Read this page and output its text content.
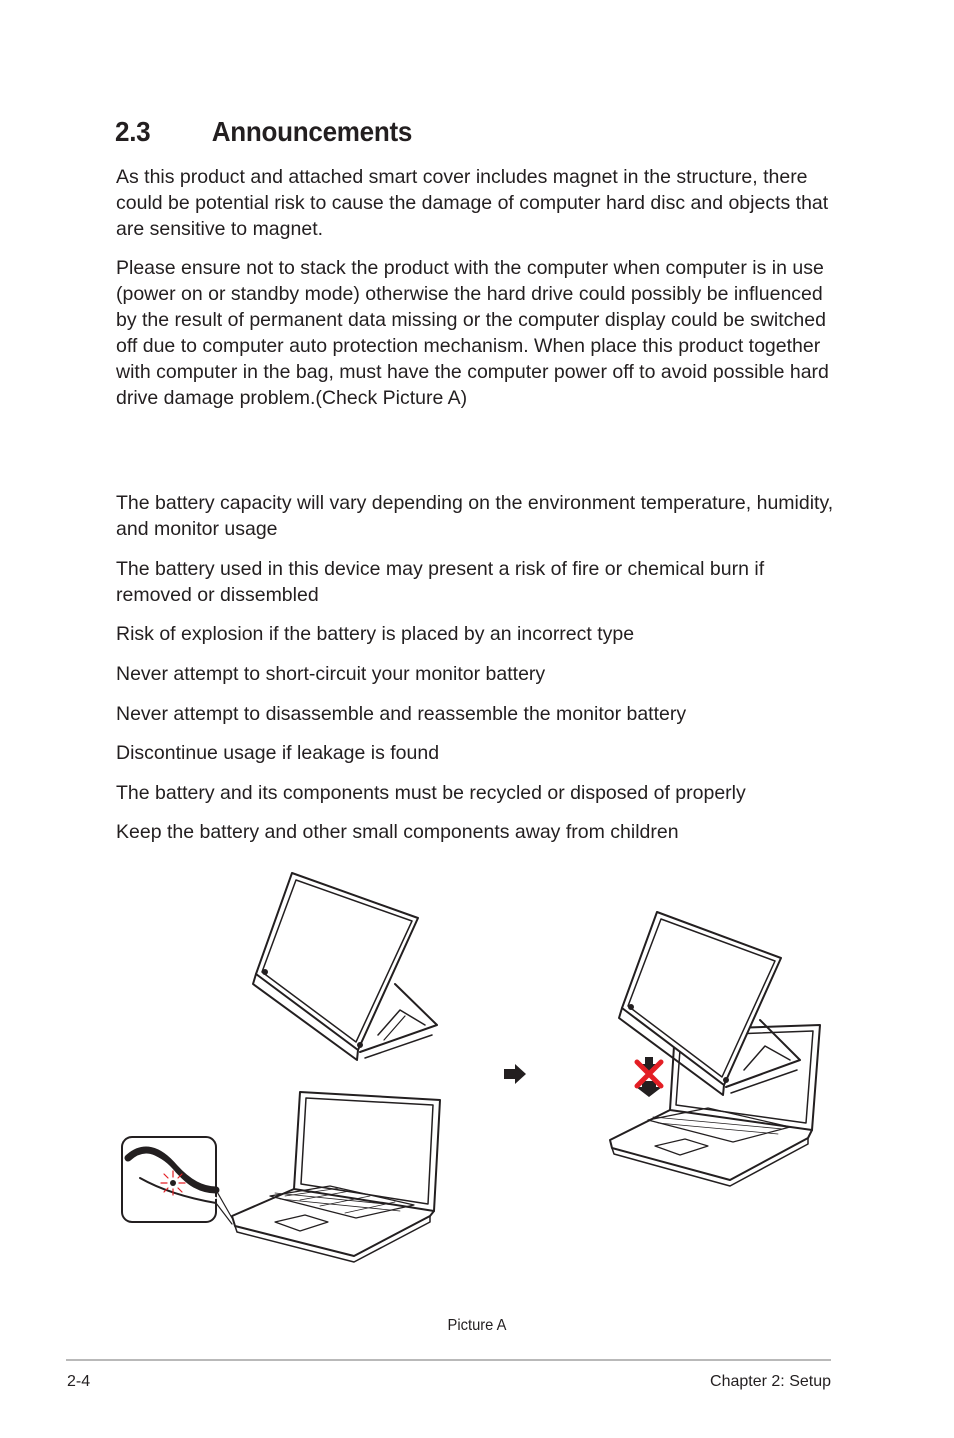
2.3 Announcements

As this product and attached smart cover includes magnet in the structure, there could be potential risk to cause the damage of computer hard disc and objects that are sensitive to magnet.

Please ensure not to stack the product with the computer when computer is in use (power on or standby mode) otherwise the hard drive could possibly be influenced by the result of permanent data missing or the computer display could be switched off due to computer auto protection mechanism. When place this product together with computer in the bag, must have the computer power off to avoid possible hard drive damage problem.(Check Picture A)

The battery capacity will vary depending on the environment temperature, humidity, and monitor usage

The battery used in this device may present a risk of fire or chemical burn if removed or dissembled

Risk of explosion if the battery is placed by an incorrect type

Never attempt to short-circuit your monitor battery

Never attempt to disassemble and reassemble the monitor battery

Discontinue usage if leakage is found

The battery and its components must be recycled or disposed of properly

Keep the battery and other small components away from children

Picture A
2-4	Chapter 2: Setup
